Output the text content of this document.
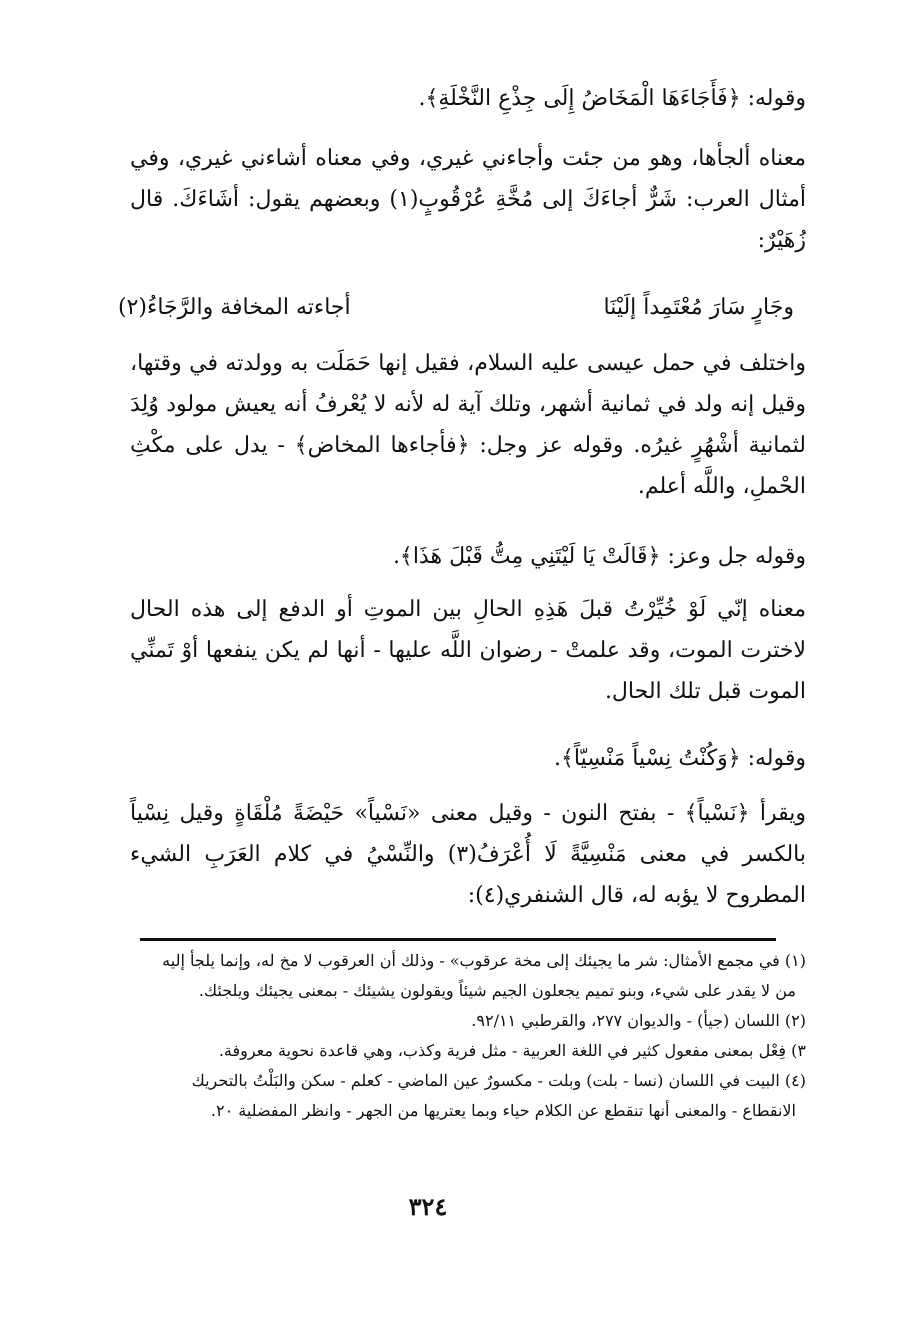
وقوله: ﴿فَأَجَاءَهَا الْمَخَاضُ إِلَى جِذْعِ النَّخْلَةِ﴾.

معناه ألجأها، وهو من جئت وأجاءني غيري، وفي معناه أشاءني غيري، وفي أمثال العرب: شَرٌّ أجاءَكَ إلى مُخَّةِ عُرْقُوبٍ(١) وبعضهم يقول: أشَاءَكَ. قال زُهَيْرٌ:

وجَارٍ سَارَ مُعْتَمِداً إلَيْنَا
أجاءته المخافة والرَّجَاءُ(٢)

واختلف في حمل عيسى عليه السلام، فقيل إنها حَمَلَت به وولدته في وقتها، وقيل إنه ولد في ثمانية أشهر، وتلك آية له لأنه لا يُعْرفُ أنه يعيش مولود وُلِدَ لثمانية أشْهُرٍ غيرُه. وقوله عز وجل: ﴿فأجاءها المخاض﴾ - يدل على مكْثِ الحْملِ، واللَّه أعلم.

وقوله جل وعز: ﴿قَالَتْ يَا لَيْتَنِي مِتُّ قَبْلَ هَذَا﴾.

معناه إنّي لَوْ خُيِّرْتُ قبلَ هَذِهِ الحالِ بين الموتِ أو الدفع إلى هذه الحال لاخترت الموت، وقد علمتْ - رضوان اللَّه عليها - أنها لم يكن ينفعها أوْ تَمنِّي الموت قبل تلك الحال.

وقوله: ﴿وَكُنْتُ نِسْياً مَنْسِيّاً﴾.

ويقرأ ﴿نَسْياً﴾ - بفتح النون - وقيل معنى «نَسْياً» حَيْضَةً مُلْقَاةٍ وقيل نِسْياً بالكسر في معنى مَنْسِيَّةً لَا أُعْرَفُ(٣) والنِّسْيُ في كلام العَرَبِ الشيء المطروح لا يؤبه له، قال الشنفري(٤):

(١) في مجمع الأمثال: شر ما يجيئك إلى مخة عرقوب» - وذلك أن العرقوب لا مخ له، وإنما يلجأ إليه

من لا يقدر على شيء، وبنو تميم يجعلون الجيم شيئاً ويقولون يشيئك - بمعنى يجيئك ويلجئك.

(٢) اللسان (جيأ) - والديوان ٢٧٧، والقرطبي ٩٢/١١.

٣) فِعْل بمعنى مفعول كثير في اللغة العربية - مثل فرية وكذب، وهي قاعدة نحوية معروفة.

(٤) البيت في اللسان (نسا - بلت) وبلت - مكسورٌ عين الماضي - كعلم - سكن والبَلْتُ بالتحريك

الانقطاع - والمعنى أنها تنقطع عن الكلام حياء وبما يعتريها من الجهر - وانظر المفضلية ٢٠.

٣٢٤
